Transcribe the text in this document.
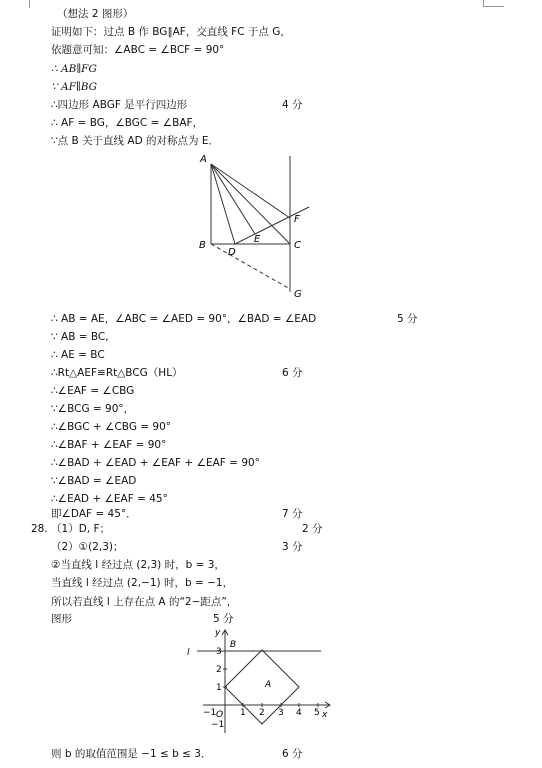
（想法 2 图形）
证明如下：过点 B 作 BG∥AF，交直线 FC 于点 G，
依题意可知：∠ABC = ∠BCF = 90°
∴ AB∥FG
∵ AF∥BG
∴四边形 ABGF 是平行四边形	4 分
∴ AF = BG，∠BGC = ∠BAF，
∵点 B 关于直线 AD 的对称点为 E．
A
B
D
E
C
F
G
∴ AB = AE，∠ABC = ∠AED = 90°，∠BAD = ∠EAD	5 分
∵ AB = BC,
∴ AE = BC
∴Rt△AEF≌Rt△BCG（HL）	6 分
∴∠EAF = ∠CBG
∵∠BCG = 90°，
∴∠BGC + ∠CBG = 90°
∴∠BAF + ∠EAF = 90°
∴∠BAD + ∠EAD + ∠EAF + ∠EAF = 90°
∵∠BAD = ∠EAD
∴∠EAD + ∠EAF = 45°
即∠DAF = 45°．	7 分
28. （1）D, F；	2 分
（2）①(2,3)；	3 分
②当直线 l 经过点 (2,3) 时，b = 3，
当直线 l 经过点 (2,−1) 时，b = −1，
所以若直线 l 上存在点 A 的“2−距点”，
图形	5 分
x
y
O
l
B
A
−1	1 2 3 4 5
3
2
1
−1
则 b 的取值范围是 −1 ≤ b ≤ 3．	6 分
